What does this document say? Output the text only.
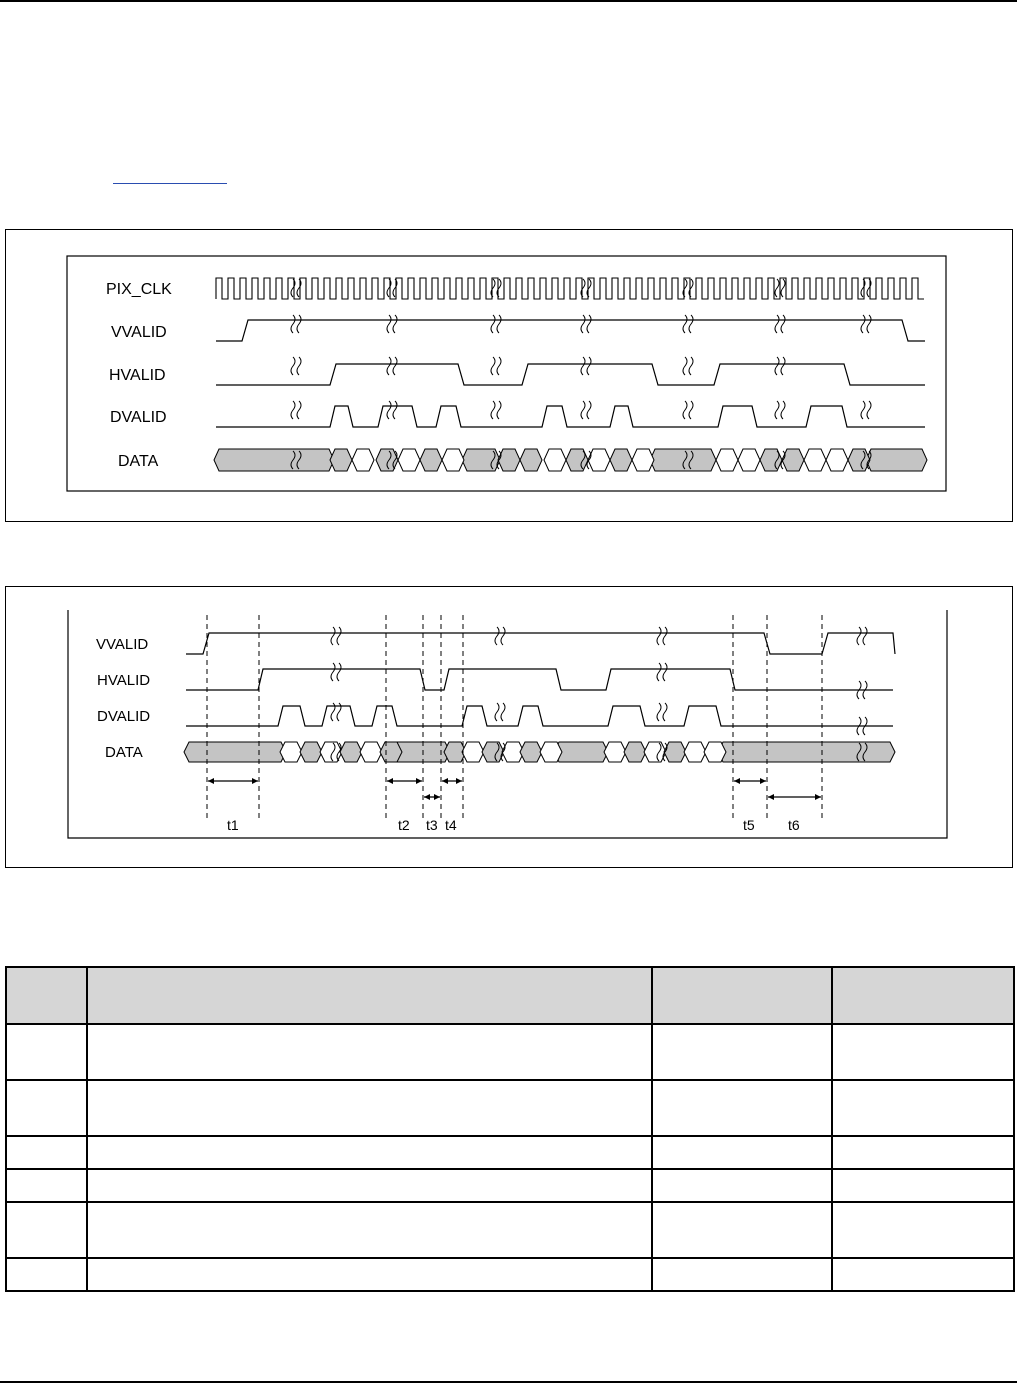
PIX_CLK
VVALID
HVALID
DVALID
DATA
VVALID
HVALID
DVALID
DATA
t1	t2 t3 t4	t5 t6
